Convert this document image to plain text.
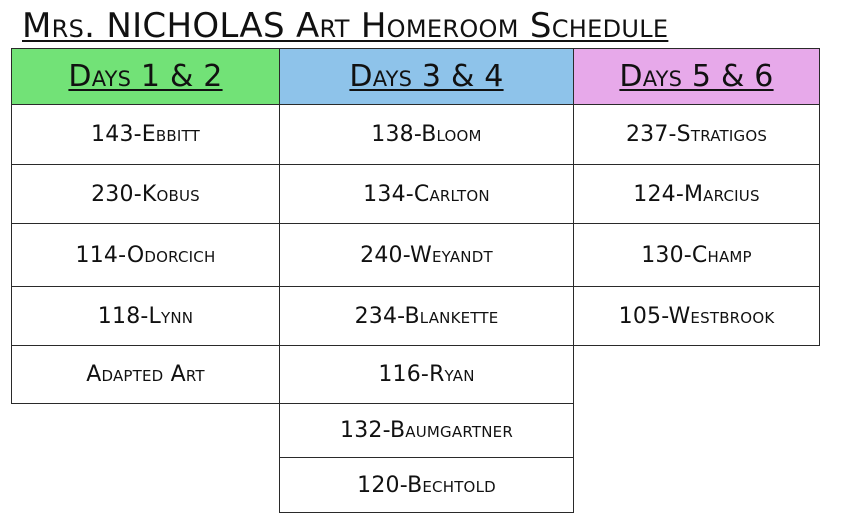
Mrs. NICHOLAS Art Homeroom Schedule
Days 1 & 2	Days 3 & 4	Days 5 & 6
143-Ebbitt
230-Kobus
114-Odorcich
118-Lynn
Adapted Art
138-Bloom
134-Carlton
240-Weyandt
234-Blankette
116-Ryan
132-Baumgartner
120-Bechtold
237-Stratigos
124-Marcius
130-Champ
105-Westbrook
